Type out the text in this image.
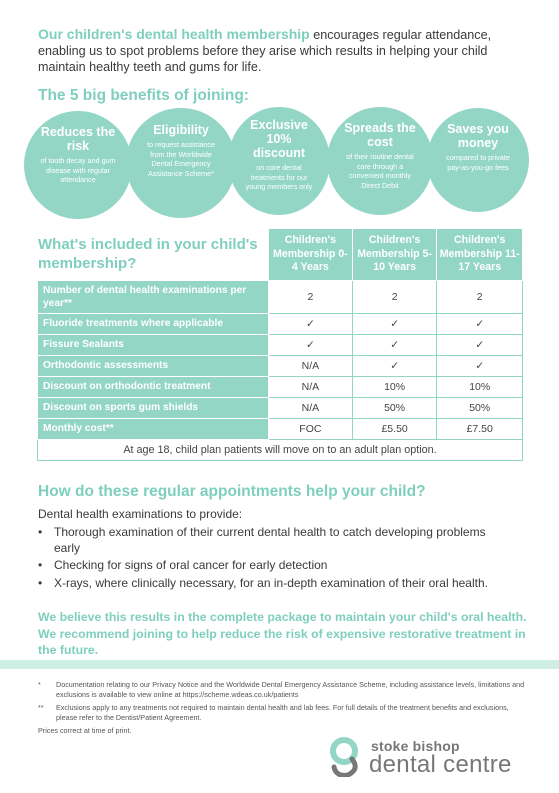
Our children's dental health membership encourages regular attendance, enabling us to spot problems before they arise which results in helping your child maintain healthy teeth and gums for life.
The 5 big benefits of joining:
Reduces the risk
of tooth decay and gum disease with regular attendance
Eligibility
to request assistance from the Worldwide Dental Emergency Assistance Scheme*
Exclusive 10% discount
on core dental treatments for our young members only
Spreads the cost
of their routine dental care through a convenient monthly Direct Debit
Saves you money
compared to private pay-as-you-go fees
What's included in your child's membership?	Children's Membership 0-4 Years	Children's Membership 5-10 Years	Children's Membership 11-17 Years
Number of dental health examinations per year**	2	2	2
Fluoride treatments where applicable	✓	✓	✓
Fissure Sealants	✓	✓	✓
Orthodontic assessments	N/A	✓	✓
Discount on orthodontic treatment	N/A	10%	10%
Discount on sports gum shields	N/A	50%	50%
Monthly cost**	FOC	£5.50	£7.50
At age 18, child plan patients will move on to an adult plan option.			
How do these regular appointments help your child?
Dental health examinations to provide:
• Thorough examination of their current dental health to catch developing problems early
• Checking for signs of oral cancer for early detection
• X-rays, where clinically necessary, for an in-depth examination of their oral health.
We believe this results in the complete package to maintain your child's oral health. We recommend joining to help reduce the risk of expensive restorative treatment in the future.
* Documentation relating to our Privacy Notice and the Worldwide Dental Emergency Assistance Scheme, including assistance levels, limitations and exclusions is available to view online at https://scheme.wdeas.co.uk/patients
** Exclusions apply to any treatments not required to maintain dental health and lab fees. For full details of the treatment benefits and exclusions, please refer to the Dentist/Patient Agreement.
Prices correct at time of print.
stoke bishop
dental centre
